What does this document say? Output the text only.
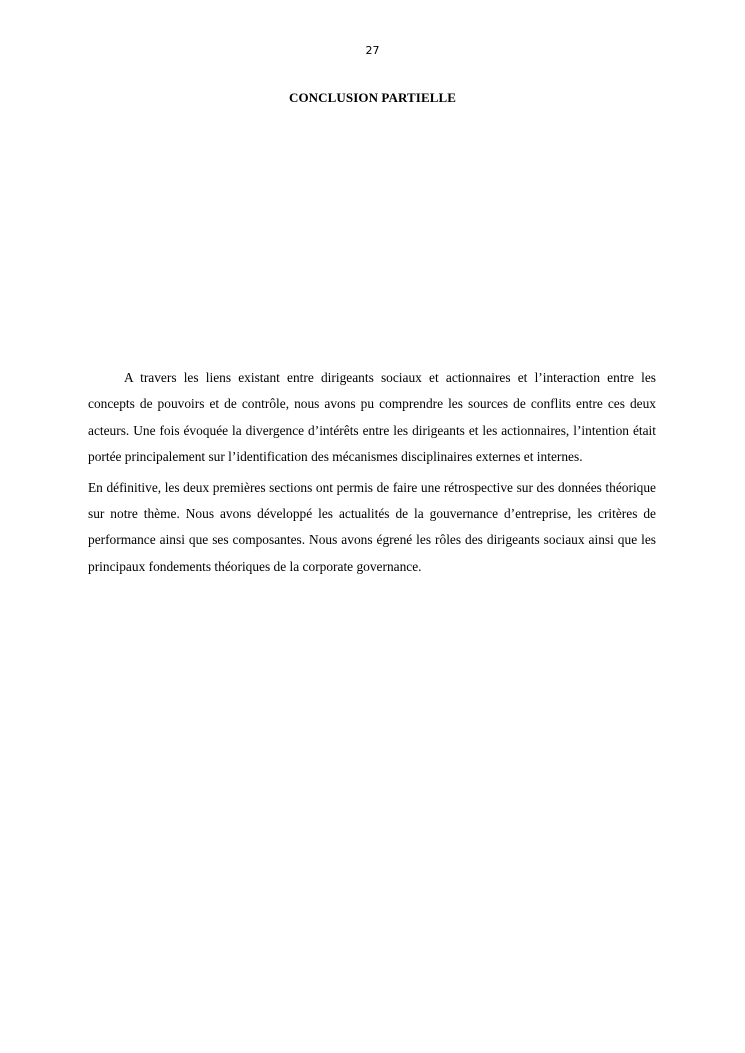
27
CONCLUSION PARTIELLE

A travers les liens existant entre dirigeants sociaux et actionnaires et l’interaction entre les concepts de pouvoirs et de contrôle, nous avons pu comprendre les sources de conflits entre ces deux acteurs. Une fois évoquée la divergence d’intérêts entre les dirigeants et les actionnaires, l’intention était portée principalement sur l’identification des mécanismes disciplinaires externes et internes.

En définitive, les deux premières sections ont permis de faire une rétrospective sur des données théorique sur notre thème. Nous avons développé les actualités de la gouvernance d’entreprise, les critères de performance ainsi que ses composantes. Nous avons égrené les rôles des dirigeants sociaux ainsi que les principaux fondements théoriques de la corporate governance.
